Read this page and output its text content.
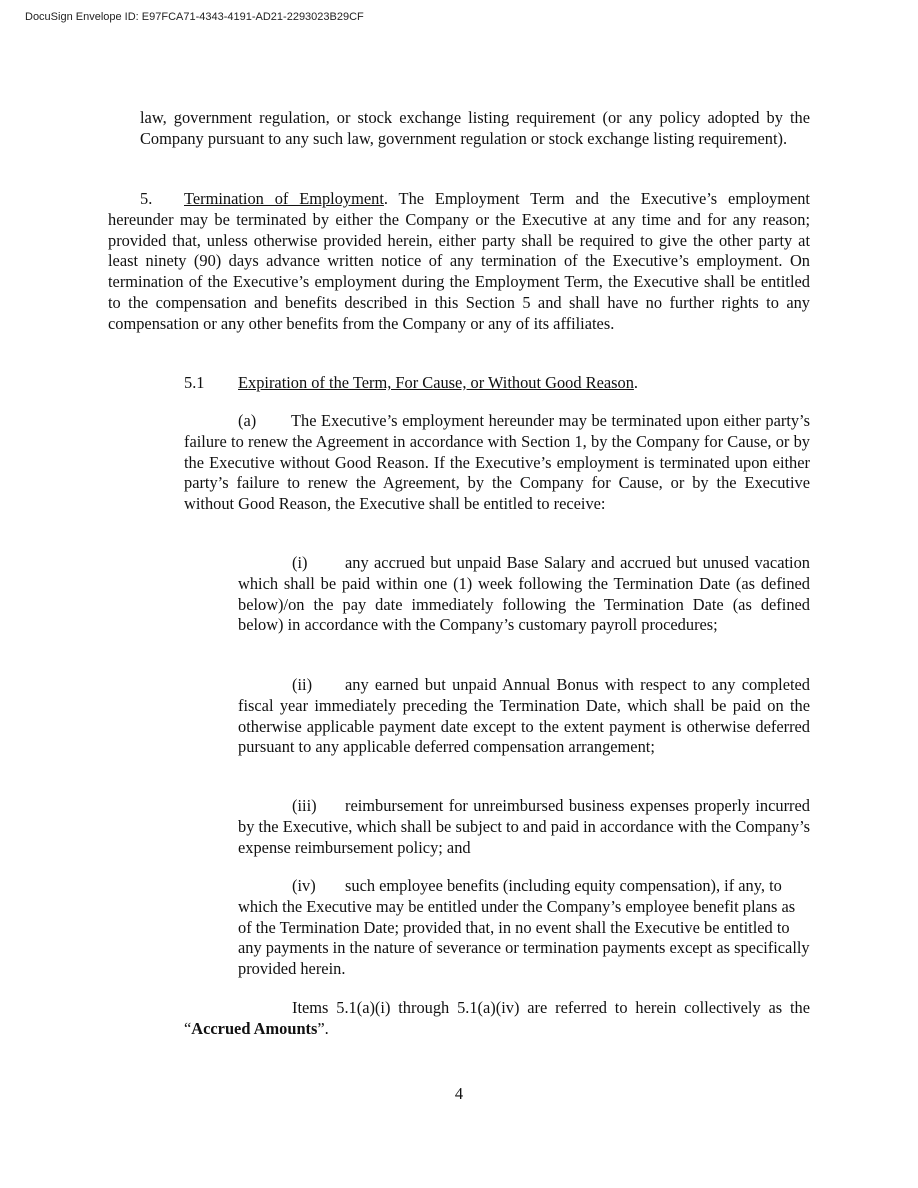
DocuSign Envelope ID: E97FCA71-4343-4191-AD21-2293023B29CF

law, government regulation, or stock exchange listing requirement (or any policy adopted by the Company pursuant to any such law, government regulation or stock exchange listing requirement).

5. Termination of Employment. The Employment Term and the Executive’s employment hereunder may be terminated by either the Company or the Executive at any time and for any reason; provided that, unless otherwise provided herein, either party shall be required to give the other party at least ninety (90) days advance written notice of any termination of the Executive’s employment. On termination of the Executive’s employment during the Employment Term, the Executive shall be entitled to the compensation and benefits described in this Section 5 and shall have no further rights to any compensation or any other benefits from the Company or any of its affiliates.

5.1 Expiration of the Term, For Cause, or Without Good Reason.

(a) The Executive’s employment hereunder may be terminated upon either party’s failure to renew the Agreement in accordance with Section 1, by the Company for Cause, or by the Executive without Good Reason. If the Executive’s employment is terminated upon either party’s failure to renew the Agreement, by the Company for Cause, or by the Executive without Good Reason, the Executive shall be entitled to receive:

(i) any accrued but unpaid Base Salary and accrued but unused vacation which shall be paid within one (1) week following the Termination Date (as defined below)/on the pay date immediately following the Termination Date (as defined below) in accordance with the Company’s customary payroll procedures;

(ii) any earned but unpaid Annual Bonus with respect to any completed fiscal year immediately preceding the Termination Date, which shall be paid on the otherwise applicable payment date except to the extent payment is otherwise deferred pursuant to any applicable deferred compensation arrangement;

(iii) reimbursement for unreimbursed business expenses properly incurred by the Executive, which shall be subject to and paid in accordance with the Company’s expense reimbursement policy; and

(iv) such employee benefits (including equity compensation), if any, to which the Executive may be entitled under the Company’s employee benefit plans as of the Termination Date; provided that, in no event shall the Executive be entitled to any payments in the nature of severance or termination payments except as specifically provided herein.

Items 5.1(a)(i) through 5.1(a)(iv) are referred to herein collectively as the “Accrued Amounts”.

4
